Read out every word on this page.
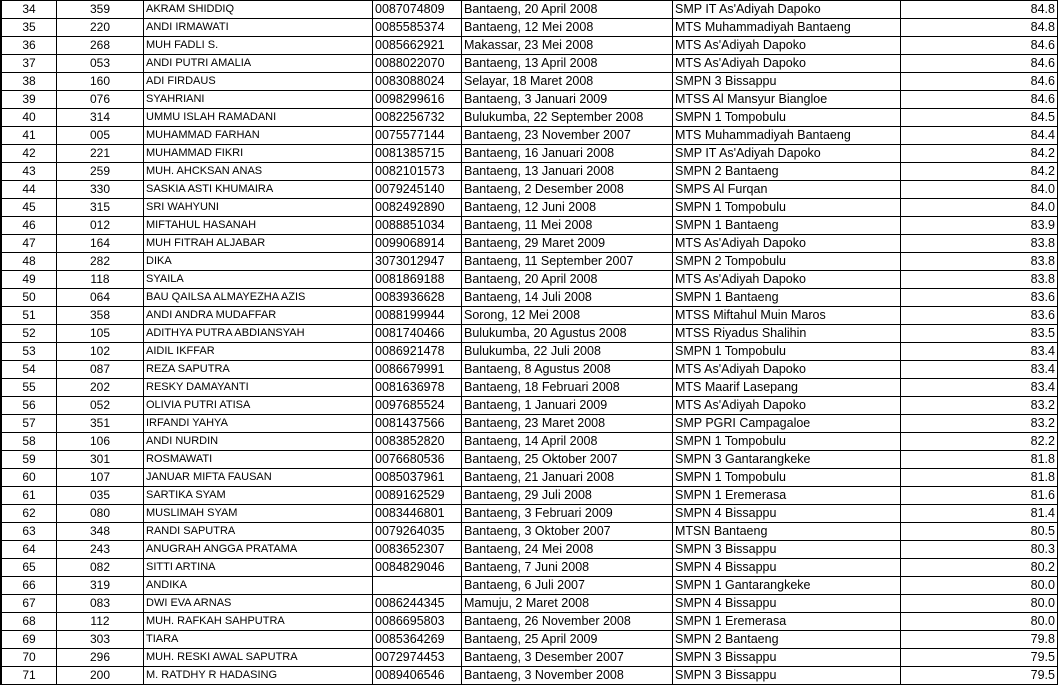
	34	359	AKRAM SHIDDIQ	0087074809	Bantaeng, 20 April 2008	SMP IT As'Adiyah Dapoko	84.8
	35	220	ANDI IRMAWATI	0085585374	Bantaeng, 12 Mei 2008	MTS Muhammadiyah Bantaeng	84.8
	36	268	MUH FADLI S.	0085662921	Makassar, 23 Mei 2008	MTS As'Adiyah Dapoko	84.6
	37	053	ANDI PUTRI AMALIA	0088022070	Bantaeng, 13 April 2008	MTS As'Adiyah Dapoko	84.6
	38	160	ADI FIRDAUS	0083088024	Selayar, 18 Maret 2008	SMPN 3 Bissappu	84.6
	39	076	SYAHRIANI	0098299616	Bantaeng, 3 Januari 2009	MTSS Al Mansyur Biangloe	84.6
	40	314	UMMU ISLAH RAMADANI	0082256732	Bulukumba, 22 September 2008	SMPN 1 Tompobulu	84.5
	41	005	MUHAMMAD FARHAN	0075577144	Bantaeng, 23 November 2007	MTS Muhammadiyah Bantaeng	84.4
	42	221	MUHAMMAD FIKRI	0081385715	Bantaeng, 16 Januari 2008	SMP IT As'Adiyah Dapoko	84.2
	43	259	MUH. AHCKSAN ANAS	0082101573	Bantaeng, 13 Januari 2008	SMPN 2 Bantaeng	84.2
	44	330	SASKIA ASTI KHUMAIRA	0079245140	Bantaeng, 2 Desember 2008	SMPS Al Furqan	84.0
	45	315	SRI WAHYUNI	0082492890	Bantaeng, 12 Juni 2008	SMPN 1 Tompobulu	84.0
	46	012	MIFTAHUL HASANAH	0088851034	Bantaeng, 11 Mei 2008	SMPN 1 Bantaeng	83.9
	47	164	MUH FITRAH ALJABAR	0099068914	Bantaeng, 29 Maret 2009	MTS As'Adiyah Dapoko	83.8
	48	282	DIKA	3073012947	Bantaeng, 11 September 2007	SMPN 2 Tompobulu	83.8
	49	118	SYAILA	0081869188	Bantaeng, 20 April 2008	MTS As'Adiyah Dapoko	83.8
	50	064	BAU QAILSA ALMAYEZHA AZIS	0083936628	Bantaeng, 14 Juli 2008	SMPN 1 Bantaeng	83.6
	51	358	ANDI ANDRA MUDAFFAR	0088199944	Sorong, 12 Mei 2008	MTSS Miftahul Muin Maros	83.6
	52	105	ADITHYA PUTRA ABDIANSYAH	0081740466	Bulukumba, 20 Agustus 2008	MTSS Riyadus Shalihin	83.5
	53	102	AIDIL IKFFAR	0086921478	Bulukumba, 22 Juli 2008	SMPN 1 Tompobulu	83.4
	54	087	REZA SAPUTRA	0086679991	Bantaeng, 8 Agustus 2008	MTS As'Adiyah Dapoko	83.4
	55	202	RESKY DAMAYANTI	0081636978	Bantaeng, 18 Februari 2008	MTS Maarif Lasepang	83.4
	56	052	OLIVIA PUTRI ATISA	0097685524	Bantaeng, 1 Januari 2009	MTS As'Adiyah Dapoko	83.2
	57	351	IRFANDI YAHYA	0081437566	Bantaeng, 23 Maret 2008	SMP PGRI Campagaloe	83.2
	58	106	ANDI NURDIN	0083852820	Bantaeng, 14 April 2008	SMPN 1 Tompobulu	82.2
	59	301	ROSMAWATI	0076680536	Bantaeng, 25 Oktober 2007	SMPN 3 Gantarangkeke	81.8
	60	107	JANUAR MIFTA FAUSAN	0085037961	Bantaeng, 21 Januari 2008	SMPN 1 Tompobulu	81.8
	61	035	SARTIKA SYAM	0089162529	Bantaeng, 29 Juli 2008	SMPN 1 Eremerasa	81.6
	62	080	MUSLIMAH SYAM	0083446801	Bantaeng, 3 Februari 2009	SMPN 4 Bissappu	81.4
	63	348	RANDI SAPUTRA	0079264035	Bantaeng, 3 Oktober 2007	MTSN Bantaeng	80.5
	64	243	ANUGRAH ANGGA PRATAMA	0083652307	Bantaeng, 24 Mei 2008	SMPN 3 Bissappu	80.3
	65	082	SITTI ARTINA	0084829046	Bantaeng, 7 Juni 2008	SMPN 4 Bissappu	80.2
	66	319	ANDIKA		Bantaeng, 6 Juli 2007	SMPN 1 Gantarangkeke	80.0
	67	083	DWI EVA ARNAS	0086244345	Mamuju, 2 Maret 2008	SMPN 4 Bissappu	80.0
	68	112	MUH. RAFKAH SAHPUTRA	0086695803	Bantaeng, 26 November 2008	SMPN 1 Eremerasa	80.0
	69	303	TIARA	0085364269	Bantaeng, 25 April 2009	SMPN 2 Bantaeng	79.8
	70	296	MUH. RESKI AWAL SAPUTRA	0072974453	Bantaeng, 3 Desember 2007	SMPN 3 Bissappu	79.5
	71	200	M. RATDHY R HADASING	0089406546	Bantaeng, 3 November 2008	SMPN 3 Bissappu	79.5
